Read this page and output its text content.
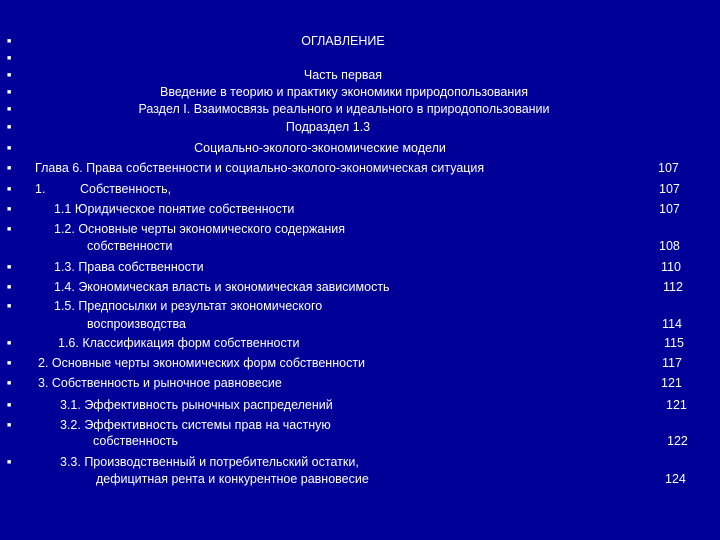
■
■
■
■
■
■
■
■
■
■
■
■
■
■
■
■
■
■
■
■
ОГЛАВЛЕНИЕ
Часть первая
Введение в теорию и практику экономики природопользования
Раздел I. Взаимосвязь реального и идеального в природопользовании
Подраздел 1.3
Социально-эколого-экономические модели
Глава 6. Права собственности и социально-эколого-экономическая ситуация	107
1.	Собственность,	107
1.1 Юридическое понятие собственности	107
1.2. Основные черты экономического содержания
собственности	108
1.3. Права собственности	110
1.4. Экономическая власть и экономическая зависимость	112
1.5. Предпосылки и результат экономического
воспроизводства	114
1.6. Классификация форм собственности	115
2. Основные черты экономических форм собственности	117
3. Собственность и рыночное равновесие	121
3.1. Эффективность рыночных распределений	121
3.2. Эффективность системы прав на частную
собственность	122
3.3. Производственный и потребительский остатки,
дефицитная рента и конкурентное равновесие	124
